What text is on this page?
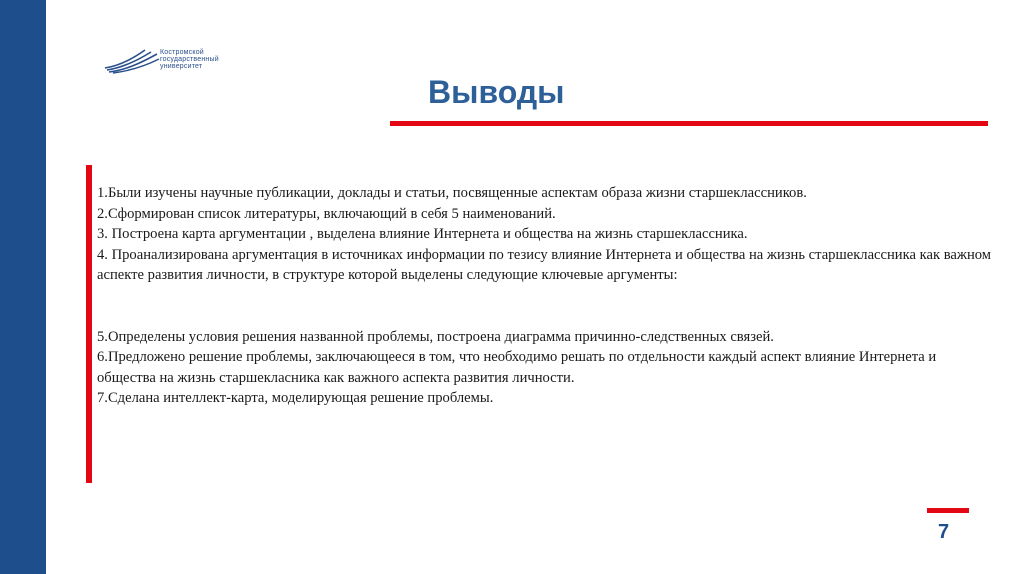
Костромской
государственный
университет
Выводы

1.Были изучены научные публикации, доклады и статьи, посвященные аспектам образа жизни старшеклассников.

2.Сформирован список литературы, включающий в себя 5 наименований.

3. Построена карта аргументации , выделена влияние Интернета и общества на жизнь старшеклассника.

4. Проанализирована аргументация в источниках информации по тезису влияние Интернета и общества на жизнь старшеклассника как важном аспекте развития личности, в структуре которой выделены следующие ключевые аргументы:

5.Определены условия решения названной проблемы, построена диаграмма причинно-следственных связей.

6.Предложено решение проблемы, заключающееся в том, что необходимо решать по отдельности каждый аспект влияние Интернета и общества на жизнь старшекласника как важного аспекта развития личности.

7.Сделана интеллект-карта, моделирующая решение проблемы.

7
